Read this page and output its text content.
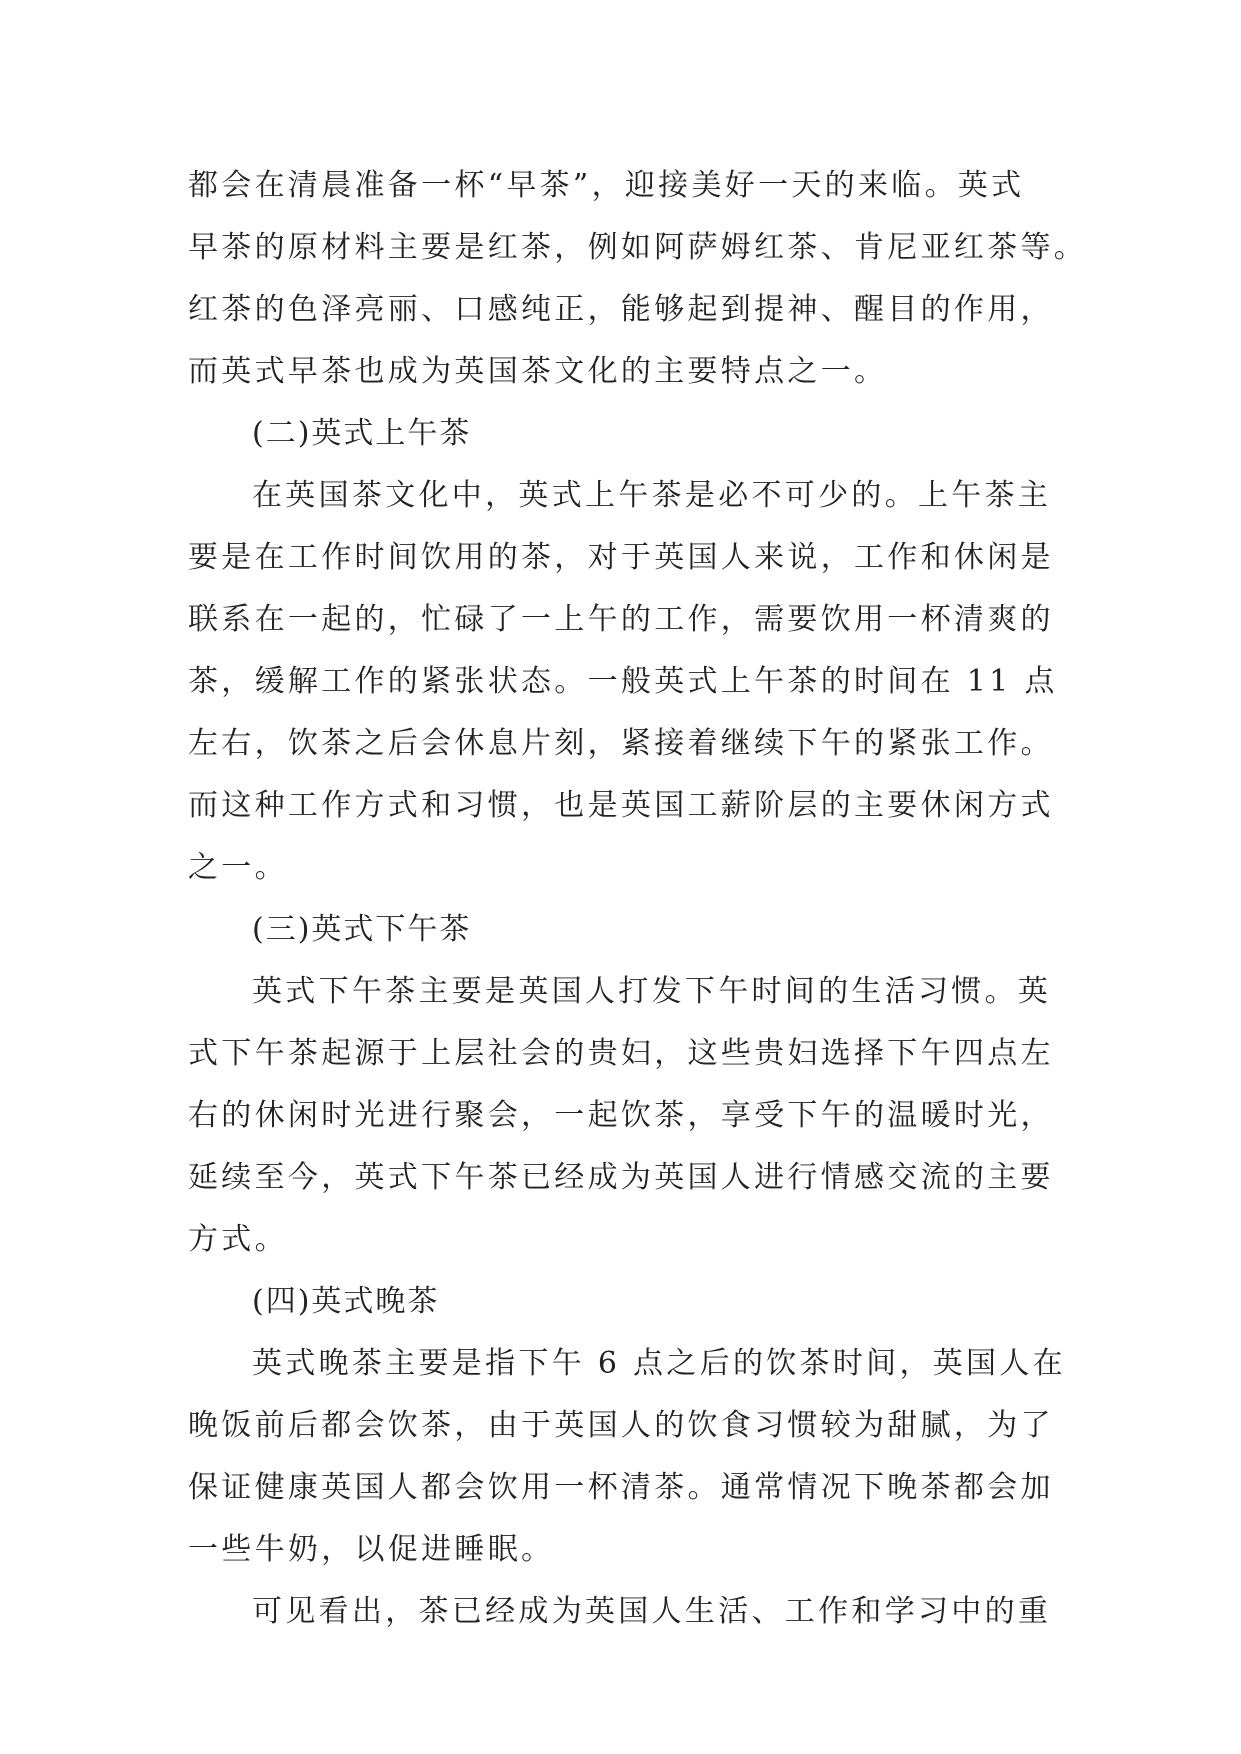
都会在清晨准备一杯“早茶”，迎接美好一天的来临。英式
早茶的原材料主要是红茶，例如阿萨姆红茶、肯尼亚红茶等。
红茶的色泽亮丽、口感纯正，能够起到提神、醒目的作用，
而英式早茶也成为英国茶文化的主要特点之一。
(二)英式上午茶
在英国茶文化中，英式上午茶是必不可少的。上午茶主
要是在工作时间饮用的茶，对于英国人来说，工作和休闲是
联系在一起的，忙碌了一上午的工作，需要饮用一杯清爽的
茶，缓解工作的紧张状态。一般英式上午茶的时间在 11 点
左右，饮茶之后会休息片刻，紧接着继续下午的紧张工作。
而这种工作方式和习惯，也是英国工薪阶层的主要休闲方式
之一。
(三)英式下午茶
英式下午茶主要是英国人打发下午时间的生活习惯。英
式下午茶起源于上层社会的贵妇，这些贵妇选择下午四点左
右的休闲时光进行聚会，一起饮茶，享受下午的温暖时光，
延续至今，英式下午茶已经成为英国人进行情感交流的主要
方式。
(四)英式晚茶
英式晚茶主要是指下午 6 点之后的饮茶时间，英国人在
晚饭前后都会饮茶，由于英国人的饮食习惯较为甜腻，为了
保证健康英国人都会饮用一杯清茶。通常情况下晚茶都会加
一些牛奶，以促进睡眠。
可见看出，茶已经成为英国人生活、工作和学习中的重
